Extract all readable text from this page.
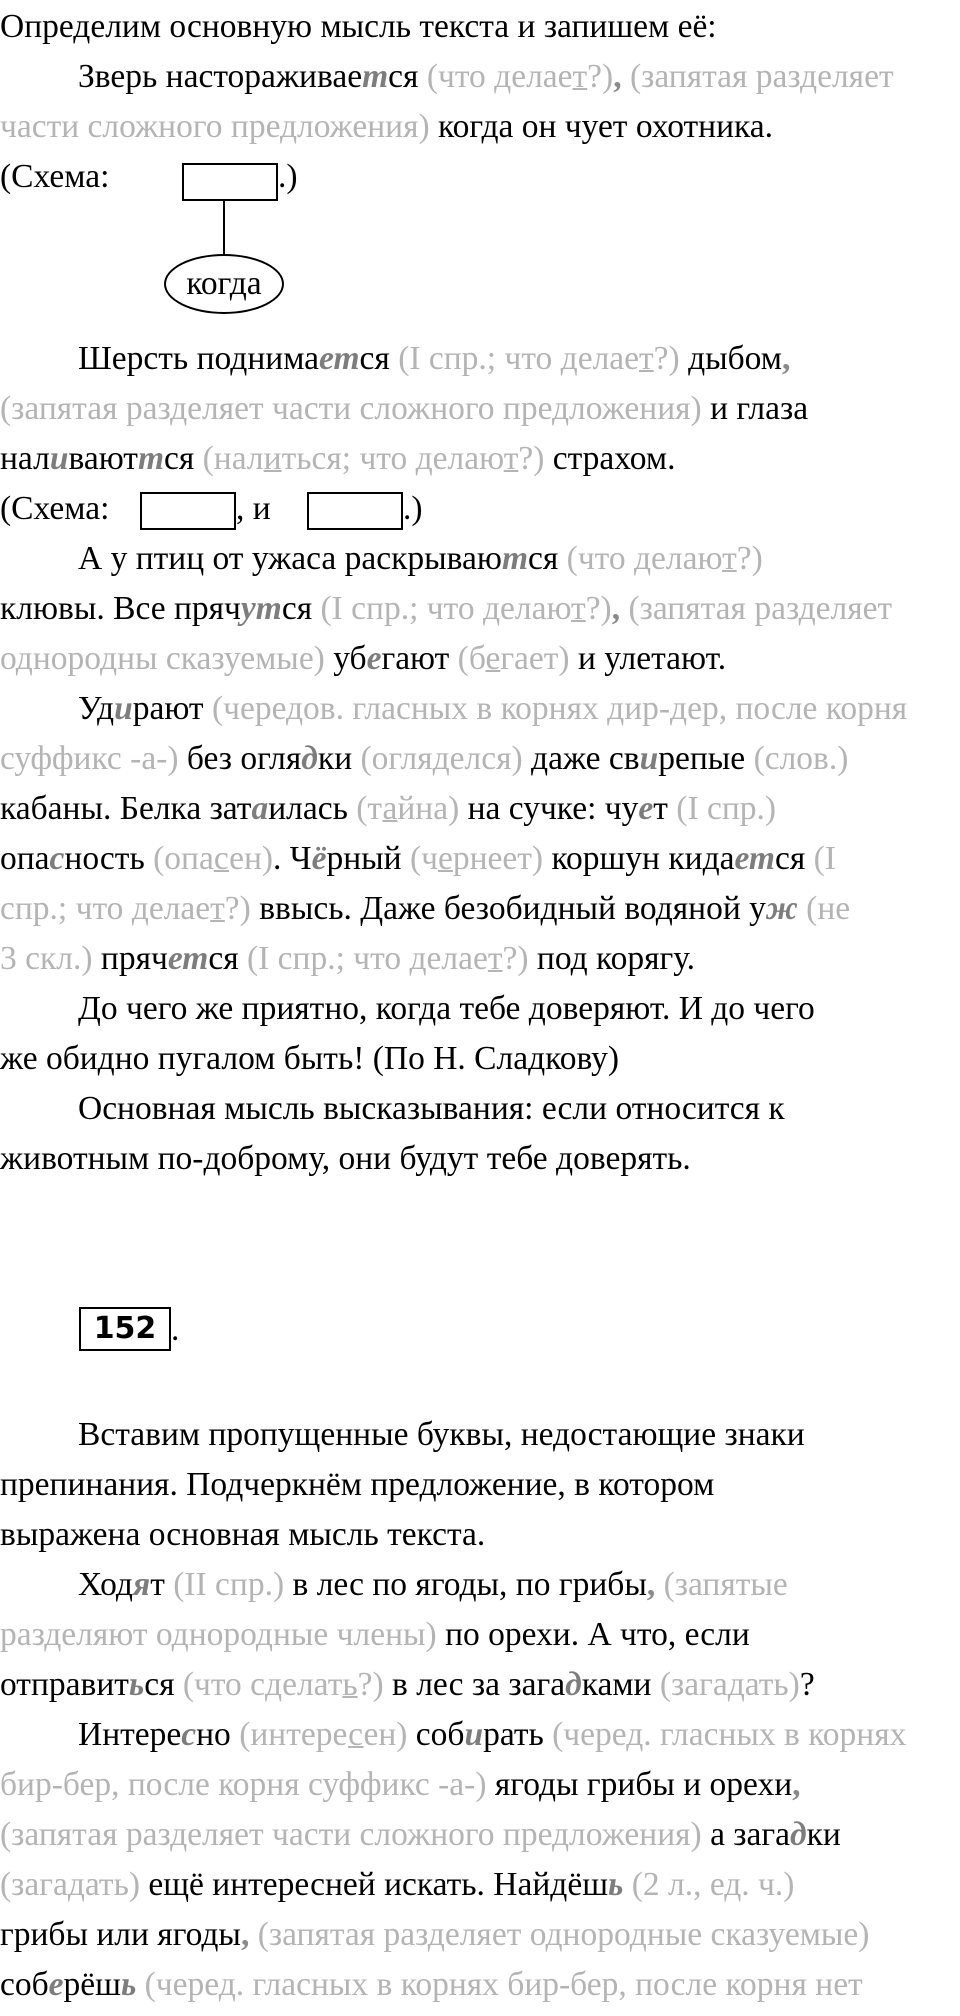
Определим основную мысль текста и запишем её:
Зверь настораживается (что делает?), (запятая разделяет
части сложного предложения) когда он чует охотника.
(Схема:	.)
когда
Шерсть поднимается (I спр.; что делает?) дыбом,
(запятая разделяет части сложного предложения) и глаза
наливаюттся (налиться; что делают?) страхом.
(Схема:	, и	.)
А у птиц от ужаса раскрываются (что делают?)
клювы. Все прячутся (I спр.; что делают?), (запятая разделяет
однородны сказуемые) убегают (бегает) и улетают.
Удирают (чередов. гласных в корнях дир-дер, после корня
суффикс -а-) без оглядки (огляделся) даже свирепые (слов.)
кабаны. Белка затаилась (тайна) на сучке: чует (I спр.)
опасность (опасен). Чёрный (чернеет) коршун кидается (I
спр.; что делает?) ввысь. Даже безобидный водяной уж (не
3 скл.) прячется (I спр.; что делает?) под корягу.
До чего же приятно, когда тебе доверяют. И до чего
же обидно пугалом быть! (По Н. Сладкову)
Основная мысль высказывания: если относится к
животным по-доброму, они будут тебе доверять.
152 .
Вставим пропущенные буквы, недостающие знаки
препинания. Подчеркнём предложение, в котором
выражена основная мысль текста.
Ходят (II спр.) в лес по ягоды, по грибы, (запятые
разделяют однородные члены) по орехи. А что, если
отправиться (что сделать?) в лес за загадками (загадать)?
Интересно (интересен) собирать (черед. гласных в корнях
бир-бер, после корня суффикс -а-) ягоды грибы и орехи,
(запятая разделяет части сложного предложения) а загадки
(загадать) ещё интересней искать. Найдёшь (2 л., ед. ч.)
грибы или ягоды, (запятая разделяет однородные сказуемые)
соберёшь (черед. гласных в корнях бир-бер, после корня нет
